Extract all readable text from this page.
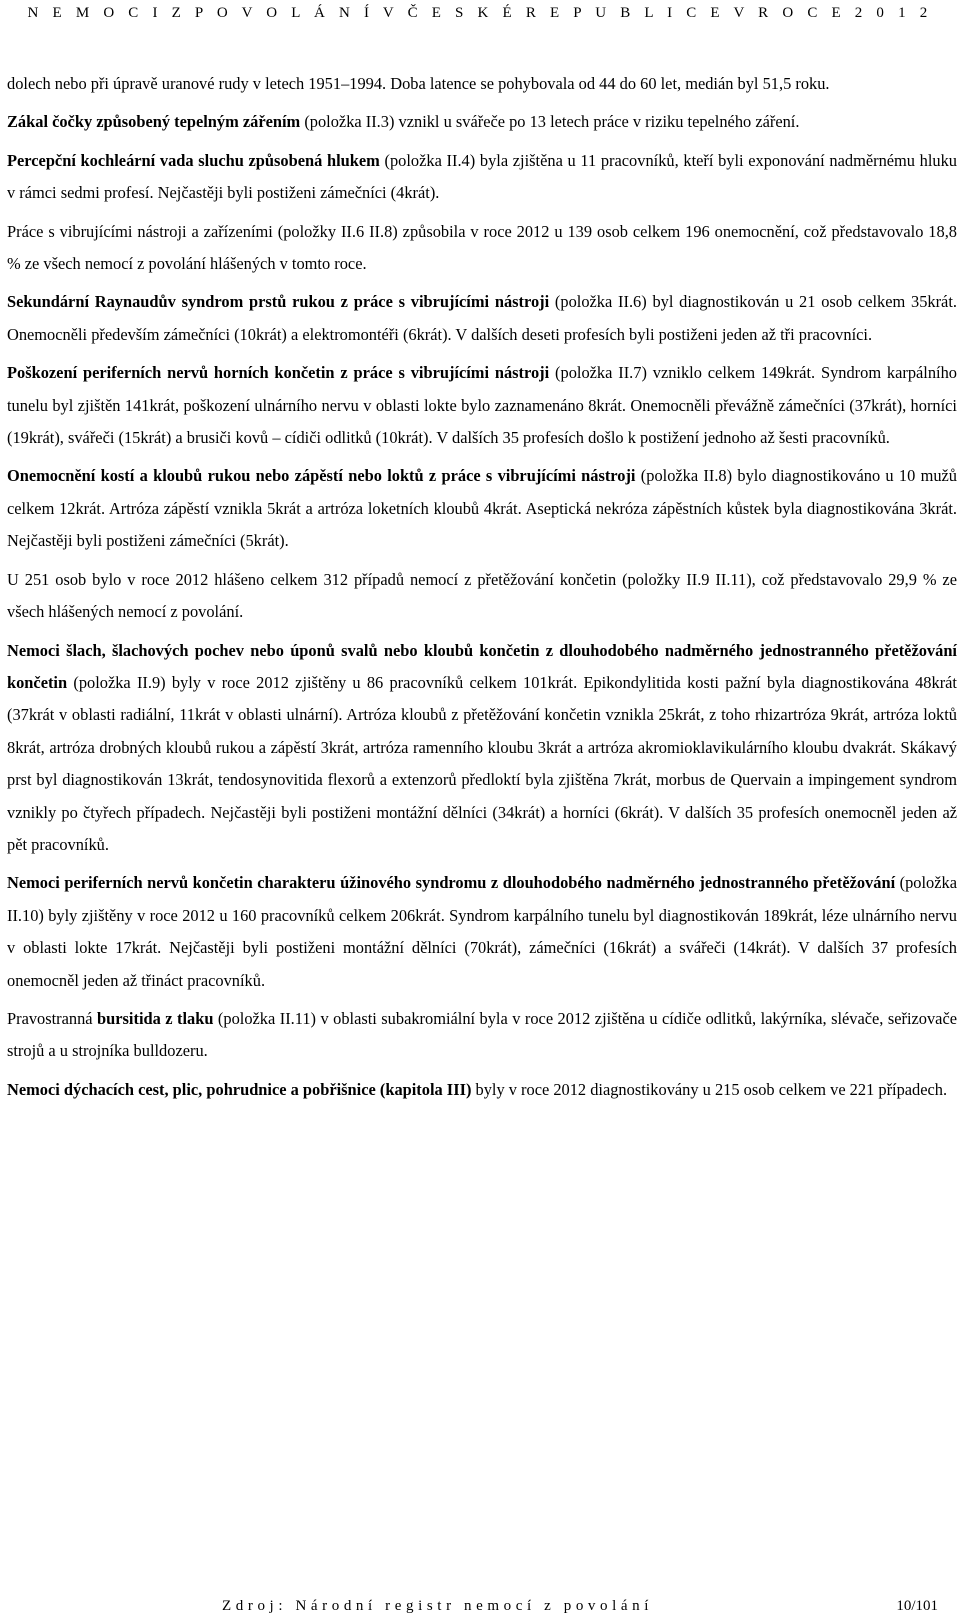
N E M O C I Z P O V O L Á N Í V Č E S K É R E P U B L I C E V R O C E 2 0 1 2

dolech nebo při úpravě uranové rudy v letech 1951–1994. Doba latence se pohybovala od 44 do 60 let, medián byl 51,5 roku.

Zákal čočky způsobený tepelným zářením (položka II.3) vznikl u svářeče po 13 letech práce v riziku tepelného záření.

Percepční kochleární vada sluchu způsobená hlukem (položka II.4) byla zjištěna u 11 pracovníků, kteří byli exponování nadměrnému hluku v rámci sedmi profesí. Nejčastěji byli postiženi zámečníci (4krát).

Práce s vibrujícími nástroji a zařízeními (položky II.6 II.8) způsobila v roce 2012 u 139 osob celkem 196 onemocnění, což představovalo 18,8 % ze všech nemocí z povolání hlášených v tomto roce.

Sekundární Raynaudův syndrom prstů rukou z práce s vibrujícími nástroji (položka II.6) byl diagnostikován u 21 osob celkem 35krát. Onemocněli především zámečníci (10krát) a elektromontéři (6krát). V dalších deseti profesích byli postiženi jeden až tři pracovníci.

Poškození periferních nervů horních končetin z práce s vibrujícími nástroji (položka II.7) vzniklo celkem 149krát. Syndrom karpálního tunelu byl zjištěn 141krát, poškození ulnárního nervu v oblasti lokte bylo zaznamenáno 8krát. Onemocněli převážně zámečníci (37krát), horníci (19krát), svářeči (15krát) a brusiči kovů – cídiči odlitků (10krát). V dalších 35 profesích došlo k postižení jednoho až šesti pracovníků.

Onemocnění kostí a kloubů rukou nebo zápěstí nebo loktů z práce s vibrujícími nástroji (položka II.8) bylo diagnostikováno u 10 mužů celkem 12krát. Artróza zápěstí vznikla 5krát a artróza loketních kloubů 4krát. Aseptická nekróza zápěstních kůstek byla diagnostikována 3krát. Nejčastěji byli postiženi zámečníci (5krát).

U 251 osob bylo v roce 2012 hlášeno celkem 312 případů nemocí z přetěžování končetin (položky II.9 II.11), což představovalo 29,9 % ze všech hlášených nemocí z povolání.

Nemoci šlach, šlachových pochev nebo úponů svalů nebo kloubů končetin z dlouhodobého nadměrného jednostranného přetěžování končetin (položka II.9) byly v roce 2012 zjištěny u 86 pracovníků celkem 101krát. Epikondylitida kosti pažní byla diagnostikována 48krát (37krát v oblasti radiální, 11krát v oblasti ulnární). Artróza kloubů z přetěžování končetin vznikla 25krát, z toho rhizartróza 9krát, artróza loktů 8krát, artróza drobných kloubů rukou a zápěstí 3krát, artróza ramenního kloubu 3krát a artróza akromioklavikulárního kloubu dvakrát. Skákavý prst byl diagnostikován 13krát, tendosynovitida flexorů a extenzorů předloktí byla zjištěna 7krát, morbus de Quervain a impingement syndrom vznikly po čtyřech případech. Nejčastěji byli postiženi montážní dělníci (34krát) a horníci (6krát). V dalších 35 profesích onemocněl jeden až pět pracovníků.

Nemoci periferních nervů končetin charakteru úžinového syndromu z dlouhodobého nadměrného jednostranného přetěžování (položka II.10) byly zjištěny v roce 2012 u 160 pracovníků celkem 206krát. Syndrom karpálního tunelu byl diagnostikován 189krát, léze ulnárního nervu v oblasti lokte 17krát. Nejčastěji byli postiženi montážní dělníci (70krát), zámečníci (16krát) a svářeči (14krát). V dalších 37 profesích onemocněl jeden až třináct pracovníků.

Pravostranná bursitida z tlaku (položka II.11) v oblasti subakromiální byla v roce 2012 zjištěna u cídiče odlitků, lakýrníka, slévače, seřizovače strojů a u strojníka bulldozeru.

Nemoci dýchacích cest, plic, pohrudnice a pobřišnice (kapitola III) byly v roce 2012 diagnostikovány u 215 osob celkem ve 221 případech.

Zdroj: Národní registr nemocí z povolání	10/101
